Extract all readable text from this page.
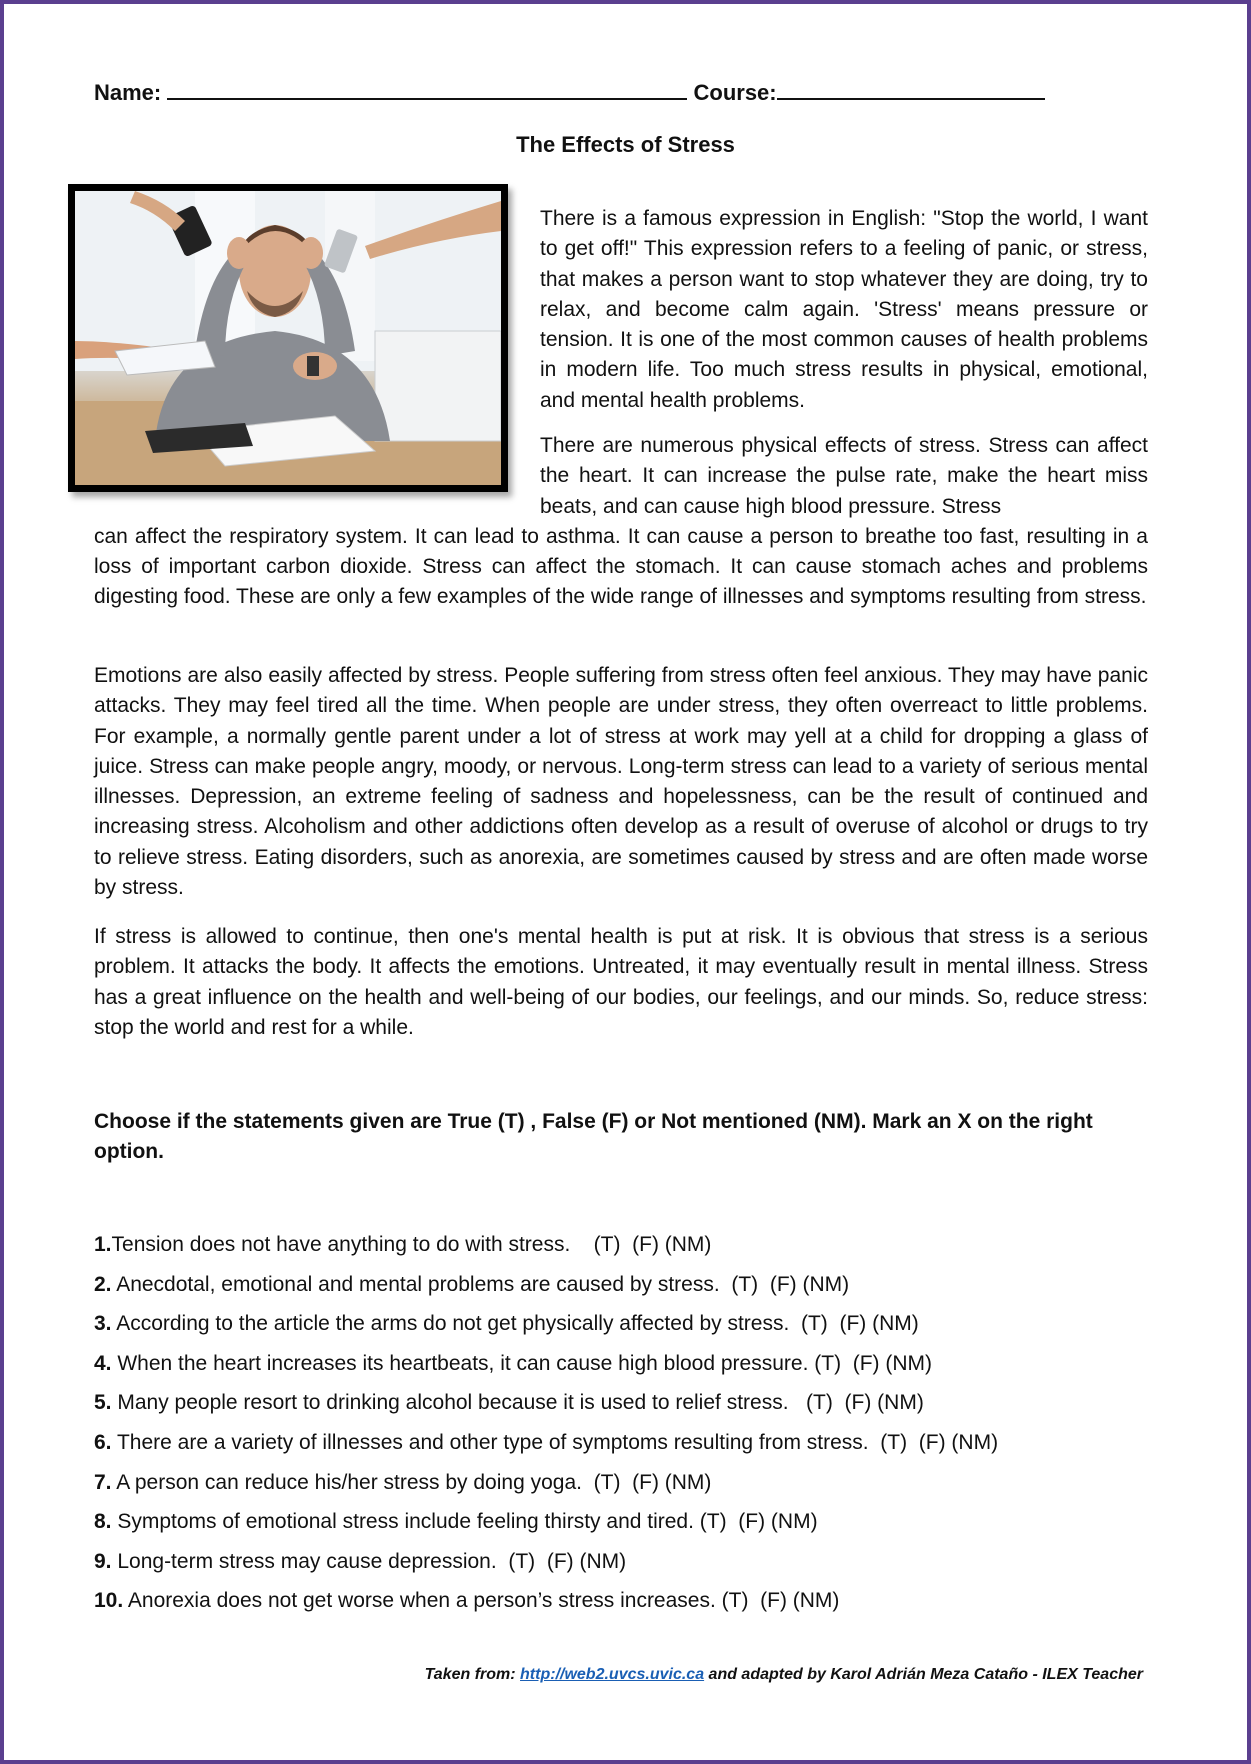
Name:	Course:
The Effects of Stress
There is a famous expression in English: "Stop the world, I want to get off!" This expression refers to a feeling of panic, or stress, that makes a person want to stop whatever they are doing, try to relax, and become calm again. 'Stress' means pressure or tension. It is one of the most common causes of health problems in modern life. Too much stress results in physical, emotional, and mental health problems.
There are numerous physical effects of stress. Stress can affect the heart. It can increase the pulse rate, make the heart miss beats, and can cause high blood pressure. Stress
can affect the respiratory system. It can lead to asthma. It can cause a person to breathe too fast, resulting in a loss of important carbon dioxide. Stress can affect the stomach. It can cause stomach aches and problems digesting food. These are only a few examples of the wide range of illnesses and symptoms resulting from stress.
Emotions are also easily affected by stress. People suffering from stress often feel anxious. They may have panic attacks. They may feel tired all the time. When people are under stress, they often overreact to little problems. For example, a normally gentle parent under a lot of stress at work may yell at a child for dropping a glass of juice. Stress can make people angry, moody, or nervous. Long-term stress can lead to a variety of serious mental illnesses. Depression, an extreme feeling of sadness and hopelessness, can be the result of continued and increasing stress. Alcoholism and other addictions often develop as a result of overuse of alcohol or drugs to try to relieve stress. Eating disorders, such as anorexia, are sometimes caused by stress and are often made worse by stress.
If stress is allowed to continue, then one's mental health is put at risk. It is obvious that stress is a serious problem. It attacks the body. It affects the emotions. Untreated, it may eventually result in mental illness. Stress has a great influence on the health and well-being of our bodies, our feelings, and our minds. So, reduce stress: stop the world and rest for a while.
Choose if the statements given are True (T) , False (F) or Not mentioned (NM). Mark an X on the right option.
1.Tension does not have anything to do with stress.    (T)  (F) (NM)
2. Anecdotal, emotional and mental problems are caused by stress.  (T)  (F) (NM)
3. According to the article the arms do not get physically affected by stress.  (T)  (F) (NM)
4. When the heart increases its heartbeats, it can cause high blood pressure. (T)  (F) (NM)
5. Many people resort to drinking alcohol because it is used to relief stress.   (T)  (F) (NM)
6. There are a variety of illnesses and other type of symptoms resulting from stress.  (T)  (F) (NM)
7. A person can reduce his/her stress by doing yoga.  (T)  (F) (NM)
8. Symptoms of emotional stress include feeling thirsty and tired. (T)  (F) (NM)
9. Long-term stress may cause depression.  (T)  (F) (NM)
10. Anorexia does not get worse when a person’s stress increases. (T)  (F) (NM)
Taken from: http://web2.uvcs.uvic.ca and adapted by Karol Adrián Meza Cataño - ILEX Teacher
